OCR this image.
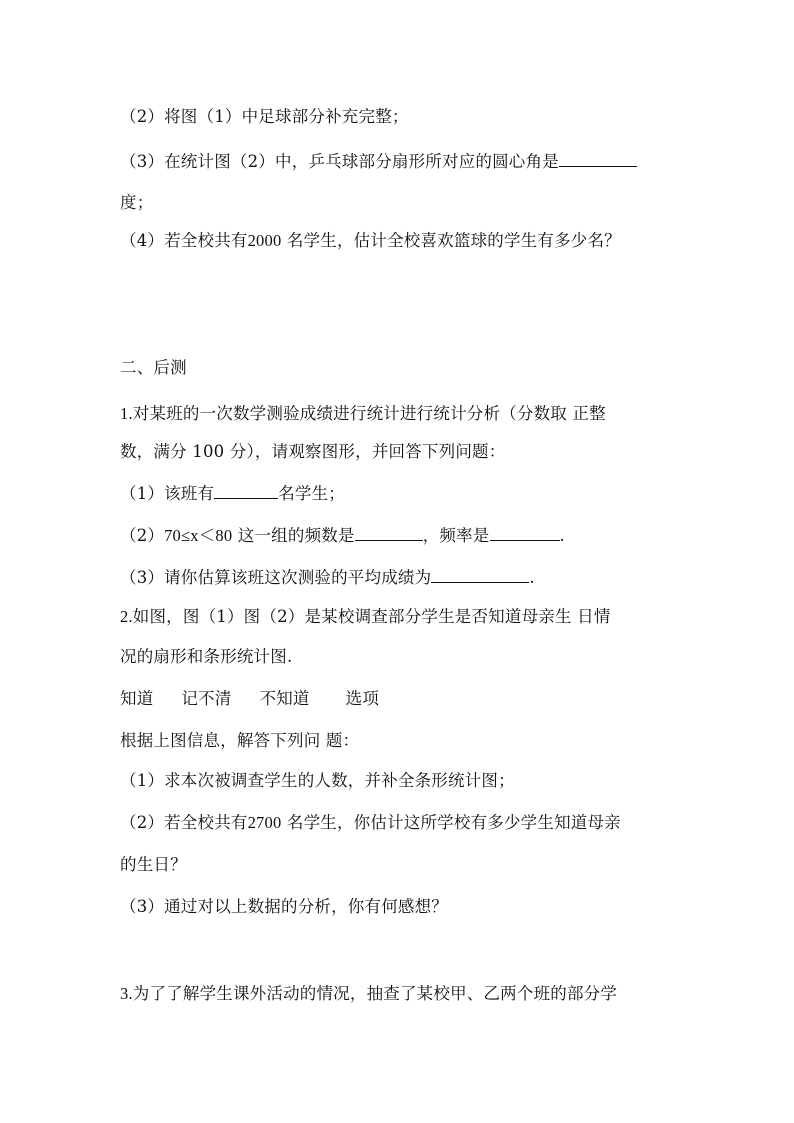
（2）将图（1）中足球部分补充完整；
（3）在统计图（2）中，乒乓球部分扇形所对应的圆心角是
度；
（4）若全校共有2000 名学生，估计全校喜欢篮球的学生有多少名？
二、后测
1.对某班的一次数学测验成绩进行统计进行统计分析（分数取 正整
数，满分 100 分），请观察图形，并回答下列问题：
（1）该班有	名学生；
（2）70≤x＜80 这一组的频数是	，频率是	.
（3）请你估算该班这次测验的平均成绩为	.
2.如图，图（1）图（2）是某校调查部分学生是否知道母亲生 日情
况的扇形和条形统计图.
知道 记不清 不知道 选项
根据上图信息，解答下列问 题：
（1）求本次被调查学生的人数，并补全条形统计图；
（2）若全校共有2700 名学生，你估计这所学校有多少学生知道母亲
的生日？
（3）通过对以上数据的分析，你有何感想？
3.为了了解学生课外活动的情况，抽查了某校甲、乙两个班的部分学
